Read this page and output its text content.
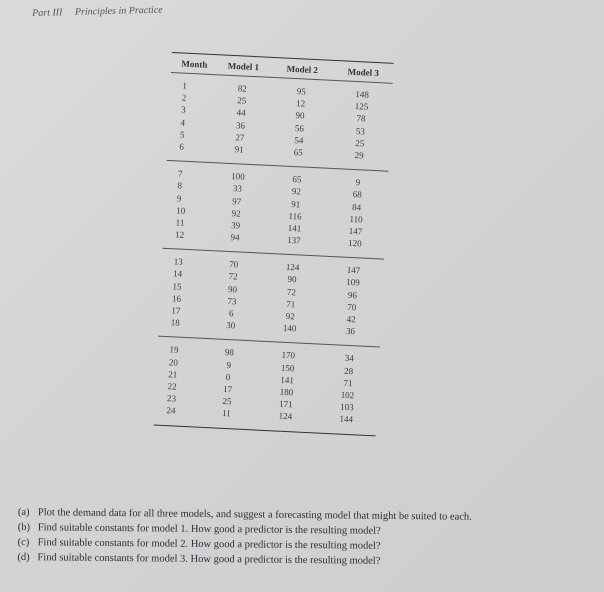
Part III Principles in Practice
Month	Model 1	Model 2	Model 3
1	82	95	148
2	25	12	125
3	44	90	78
4	36	56	53
5	27	54	25
6	91	65	29
7	100	65	9
8	33	92	68
9	97	91	84
10	92	116	110
11	39	141	147
12	94	137	120
13	70	124	147
14	72	90	109
15	90	72	96
16	73	71	70
17	6	92	42
18	30	140	36
19	98	170	34
20	9	150	28
21	0	141	71
22	17	180	102
23	25	171	103
24	11	124	144
(a) Plot the demand data for all three models, and suggest a forecasting model that might be suited to each.
(b) Find suitable constants for model 1. How good a predictor is the resulting model?
(c) Find suitable constants for model 2. How good a predictor is the resulting model?
(d) Find suitable constants for model 3. How good a predictor is the resulting model?
